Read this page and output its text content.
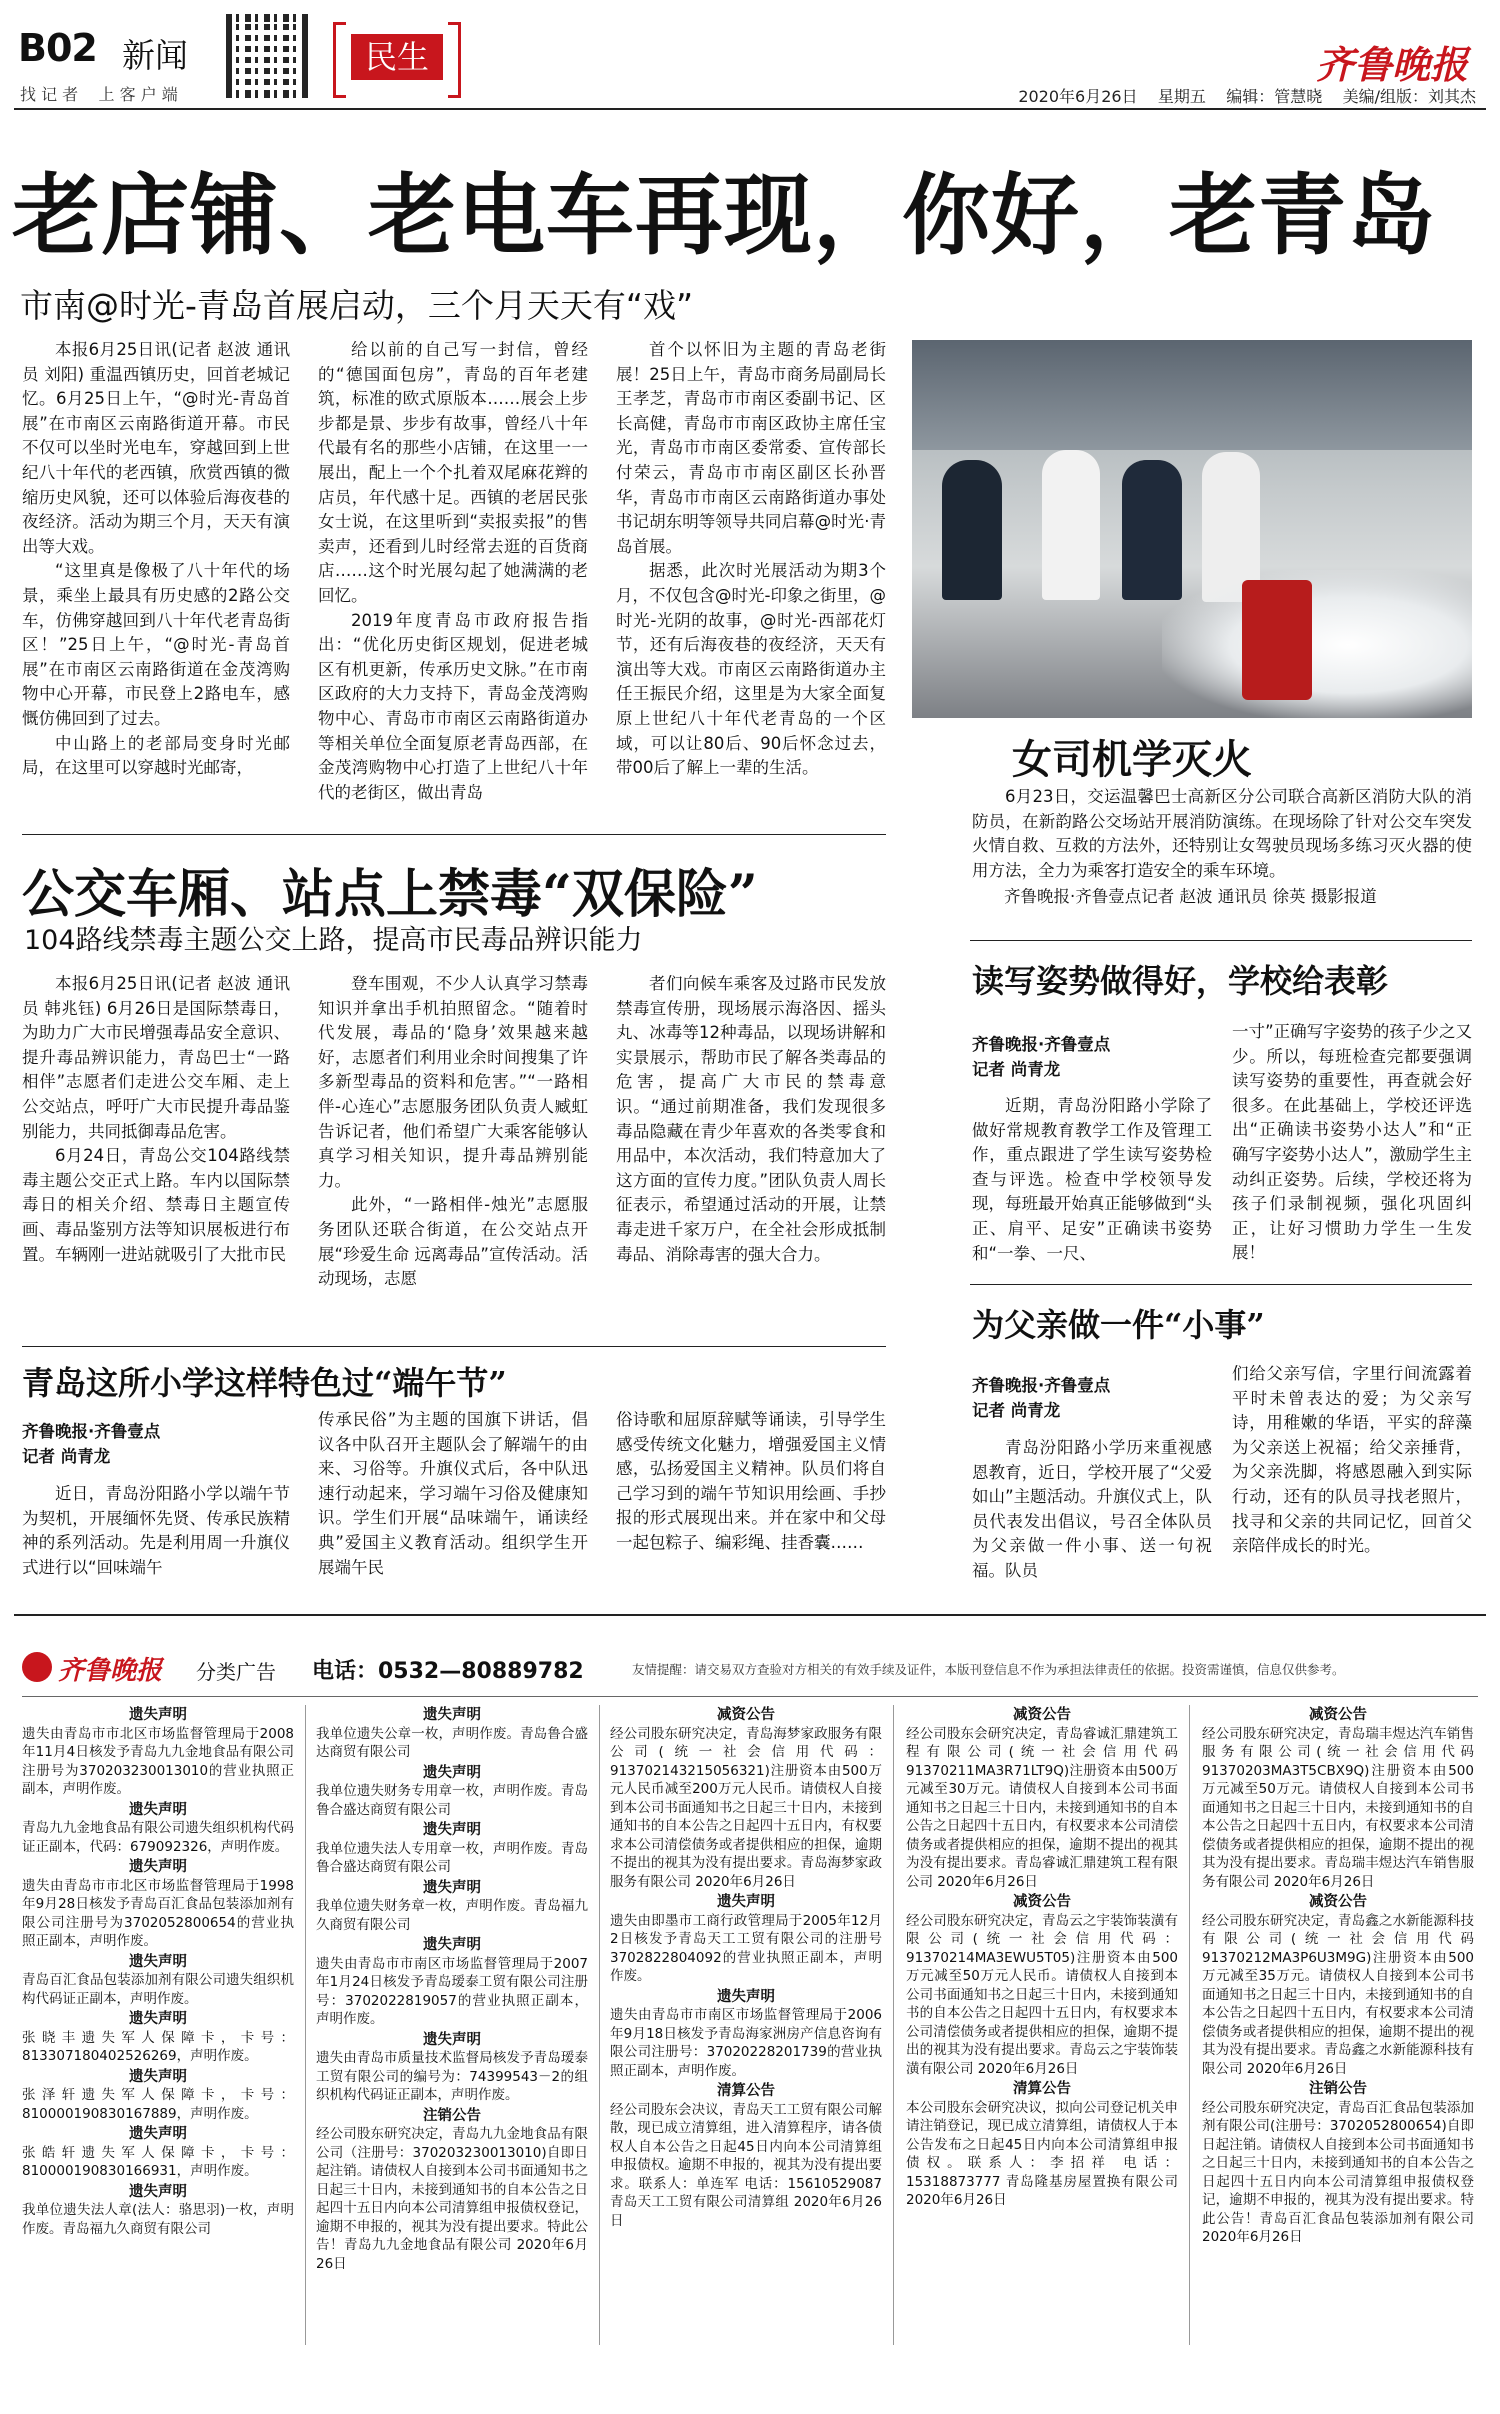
B02 新闻
找 记 者    上 客 户 端
民生	齐鲁晚报
2020年6月26日    星期五    编辑：管慧晓    美编/组版：刘其杰
老店铺、老电车再现，你好，老青岛
市南@时光-青岛首展启动，三个月天天有“戏”

本报6月25日讯(记者 赵波 通讯员 刘阳) 重温西镇历史，回首老城记忆。6月25日上午，“@时光-青岛首展”在市南区云南路街道开幕。市民不仅可以坐时光电车，穿越回到上世纪八十年代的老西镇，欣赏西镇的微缩历史风貌，还可以体验后海夜巷的夜经济。活动为期三个月，天天有演出等大戏。

“这里真是像极了八十年代的场景，乘坐上最具有历史感的2路公交车，仿佛穿越回到八十年代老青岛街区！”25日上午，“@时光-青岛首展”在市南区云南路街道在金茂湾购物中心开幕，市民登上2路电车，感慨仿佛回到了过去。

中山路上的老部局变身时光邮局，在这里可以穿越时光邮寄，

给以前的自己写一封信，曾经的“德国面包房”，青岛的百年老建筑，标准的欧式原版本……展会上步步都是景、步步有故事，曾经八十年代最有名的那些小店铺，在这里一一展出，配上一个个扎着双尾麻花辫的店员，年代感十足。西镇的老居民张女士说，在这里听到“卖报卖报”的售卖声，还看到儿时经常去逛的百货商店……这个时光展勾起了她满满的老回忆。

2019年度青岛市政府报告指出：“优化历史街区规划，促进老城区有机更新，传承历史文脉。”在市南区政府的大力支持下，青岛金茂湾购物中心、青岛市市南区云南路街道办等相关单位全面复原老青岛西部，在金茂湾购物中心打造了上世纪八十年代的老街区，做出青岛

首个以怀旧为主题的青岛老街展！25日上午，青岛市商务局副局长王孝芝，青岛市市南区委副书记、区长高健，青岛市市南区政协主席任宝光，青岛市市南区委常委、宣传部长付荣云，青岛市市南区副区长孙晋华，青岛市市南区云南路街道办事处书记胡东明等领导共同启幕@时光·青岛首展。

据悉，此次时光展活动为期3个月，不仅包含@时光-印象之街里，@时光-光阴的故事，@时光-西部花灯节，还有后海夜巷的夜经济，天天有演出等大戏。市南区云南路街道办主任王振民介绍，这里是为大家全面复原上世纪八十年代老青岛的一个区域，可以让80后、90后怀念过去，带00后了解上一辈的生活。	女司机学灭火
6月23日，交运温馨巴士高新区分公司联合高新区消防大队的消防员，在新韵路公交场站开展消防演练。在现场除了针对公交车突发火情自救、互救的方法外，还特别让女驾驶员现场多练习灭火器的使用方法，全力为乘客打造安全的乘车环境。
齐鲁晚报·齐鲁壹点记者 赵波 通讯员 徐英 摄影报道
公交车厢、站点上禁毒“双保险”
104路线禁毒主题公交上路，提高市民毒品辨识能力

本报6月25日讯(记者 赵波 通讯员 韩兆钰) 6月26日是国际禁毒日，为助力广大市民增强毒品安全意识、提升毒品辨识能力，青岛巴士“一路相伴”志愿者们走进公交车厢、走上公交站点，呼吁广大市民提升毒品鉴别能力，共同抵御毒品危害。

6月24日，青岛公交104路线禁毒主题公交正式上路。车内以国际禁毒日的相关介绍、禁毒日主题宣传画、毒品鉴别方法等知识展板进行布置。车辆刚一进站就吸引了大批市民

登车围观，不少人认真学习禁毒知识并拿出手机拍照留念。“随着时代发展，毒品的‘隐身’效果越来越好，志愿者们利用业余时间搜集了许多新型毒品的资料和危害。”“一路相伴-心连心”志愿服务团队负责人臧虹告诉记者，他们希望广大乘客能够认真学习相关知识，提升毒品辨别能力。

此外，“一路相伴-烛光”志愿服务团队还联合街道，在公交站点开展“珍爱生命 远离毒品”宣传活动。活动现场，志愿

者们向候车乘客及过路市民发放禁毒宣传册，现场展示海洛因、摇头丸、冰毒等12种毒品，以现场讲解和实景展示，帮助市民了解各类毒品的危害，提高广大市民的禁毒意识。“通过前期准备，我们发现很多毒品隐藏在青少年喜欢的各类零食和用品中，本次活动，我们特意加大了这方面的宣传力度。”团队负责人周长征表示，希望通过活动的开展，让禁毒走进千家万户，在全社会形成抵制毒品、消除毒害的强大合力。

读写姿势做得好，学校给表彰
齐鲁晚报·齐鲁壹点
记者 尚青龙

近期，青岛汾阳路小学除了做好常规教育教学工作及管理工作，重点跟进了学生读写姿势检查与评选。检查中学校领导发现，每班最开始真正能够做到“头正、肩平、足安”正确读书姿势和“一拳、一尺、

一寸”正确写字姿势的孩子少之又少。所以，每班检查完都要强调读写姿势的重要性，再查就会好很多。在此基础上，学校还评选出“正确读书姿势小达人”和“正确写字姿势小达人”，激励学生主动纠正姿势。后续，学校还将为孩子们录制视频，强化巩固纠正，让好习惯助力学生一生发展！

为父亲做一件“小事”
齐鲁晚报·齐鲁壹点
记者 尚青龙

青岛汾阳路小学历来重视感恩教育，近日，学校开展了“父爱如山”主题活动。升旗仪式上，队员代表发出倡议，号召全体队员为父亲做一件小事、送一句祝福。队员

们给父亲写信，字里行间流露着平时未曾表达的爱；为父亲写诗，用稚嫩的华语，平实的辞藻为父亲送上祝福；给父亲捶背，为父亲洗脚，将感恩融入到实际行动，还有的队员寻找老照片，找寻和父亲的共同记忆，回首父亲陪伴成长的时光。

青岛这所小学这样特色过“端午节”
齐鲁晚报·齐鲁壹点
记者 尚青龙

近日，青岛汾阳路小学以端午节为契机，开展缅怀先贤、传承民族精神的系列活动。先是利用周一升旗仪式进行以“回味端午

传承民俗”为主题的国旗下讲话，倡议各中队召开主题队会了解端午的由来、习俗等。升旗仪式后，各中队迅速行动起来，学习端午习俗及健康知识。学生们开展“品味端午，诵读经典”爱国主义教育活动。组织学生开展端午民

俗诗歌和屈原辞赋等诵读，引导学生感受传统文化魅力，增强爱国主义情感，弘扬爱国主义精神。队员们将自己学习到的端午节知识用绘画、手抄报的形式展现出来。并在家中和父母一起包粽子、编彩绳、挂香囊……

齐鲁晚报 分类广告 电话：0532—80889782	友情提醒：请交易双方查验对方相关的有效手续及证件，本版刊登信息不作为承担法律责任的依据。投资需谨慎，信息仅供参考。
遗失声明

遗失由青岛市市北区市场监督管理局于2008年11月4日核发予青岛九九金地食品有限公司注册号为370203230013010的营业执照正副本，声明作废。

遗失声明

青岛九九金地食品有限公司遗失组织机构代码证正副本，代码：679092326，声明作废。

遗失声明

遗失由青岛市市北区市场监督管理局于1998年9月28日核发予青岛百汇食品包装添加剂有限公司注册号为370205280065​4的营业执照正副本，声明作废。

遗失声明

青岛百汇食品包装添加剂有限公司遗失组织机构代码证正副本，声明作废。

遗失声明

张晓丰遗失军人保障卡，卡号：81330718040252​6269，声明作废。

遗失声明

张泽轩遗失军人保障卡，卡号：81000019083016​7889，声明作废。

遗失声明

张皓轩遗失军人保障卡，卡号：81000019083016​6931，声明作废。

遗失声明

我单位遗失法人章(法人：骆思羽)一枚，声明作废。青岛福九久商贸有限公司

遗失声明

我单位遗失公章一枚，声明作废。青岛鲁合盛达商贸有限公司

遗失声明

我单位遗失财务专用章一枚，声明作废。青岛鲁合盛达商贸有限公司

遗失声明

我单位遗失法人专用章一枚，声明作废。青岛鲁合盛达商贸有限公司

遗失声明

我单位遗失财务章一枚，声明作废。青岛福九久商贸有限公司

遗失声明

遗失由青岛市市南区市场监督管理局于2007年1月24日核发予青岛瑷泰工贸有限公司注册号：370202281​9057的营业执照正副本，声明作废。

遗失声明

遗失由青岛市质量技术监督局核发予青岛瑷泰工贸有限公司的编号为：74399543－2的组织机构代码证正副本，声明作废。

注销公告

经公司股东研究决定，青岛九九金地食品有限公司（注册号：370203230013010)自即日起注销。请债权人自接到本公司书面通知书之日起三十日内，未接到通知书的自本公告之日起四十五日内向本公司清算组申报债权登记，逾期不申报的，视其为没有提出要求。特此公告！青岛九九金地食品有限公司 2020年6月26日

减资公告

经公司股东研究决定，青岛海梦家政服务有限公司(统一社会信用代码：91370214321505632​1)注册资本由500万元人民币减至200万元人民币。请债权人自接到本公司书面通知书之日起三十日内，未接到通知书的自本公告之日起四十五日内，有权要求本公司清偿债务或者提供相应的担保，逾期不提出的视其为没有提出要求。青岛海梦家政服务有限公司 2020年6月26日

遗失声明

遗失由即墨市工商行政管理局于2005年12月2日核发予青岛天工工贸有限公司的注册号370282280409​2的营业执照正副本，声明作废。

遗失声明

遗失由青岛市市南区市场监督管理局于2006年9月18日核发予青岛海家洲房产信息咨询有限公司注册号：370202282​01739的营业执照正副本，声明作废。

清算公告

经公司股东会决议，青岛天工工贸有限公司解散，现已成立清算组，进入清算程序，请各债权人自本公告之日起45日内向本公司清算组申报债权。逾期不申报的，视其为没有提出要求。联系人：单连军 电话：15610529087 青岛天工工贸有限公司清算组 2020年6月26日

减资公告

经公司股东会研究决定，青岛睿诚汇鼎建筑工程有限公司(统一社会信用代码91370211MA3R71LT9Q)注册资本由500万元减至30万元。请债权人自接到本公司书面通知书之日起三十日内，未接到通知书的自本公告之日起四十五日内，有权要求本公司清偿债务或者提供相应的担保，逾期不提出的视其为没有提出要求。青岛睿诚汇鼎建筑工程有限公司 2020年6月26日

减资公告

经公司股东研究决定，青岛云之宇装饰装潢有限公司(统一社会信用代码：91370214MA3EWU5T05)注册资本由500万元减至50万元人民币。请债权人自接到本公司书面通知书之日起三十日内，未接到通知书的自本公告之日起四十五日内，有权要求本公司清偿债务或者提供相应的担保，逾期不提出的视其为没有提出要求。青岛云之宇装饰装潢有限公司 2020年6月26日

清算公告

本公司股东会研究决议，拟向公司登记机关申请注销登记，现已成立清算组，请债权人于本公告发布之日起45日内向本公司清算组申报债权。联系人：李招祥 电话：15318873777 青岛隆基房屋置换有限公司 2020年6月26日

减资公告

经公司股东研究决定，青岛瑞丰煜达汽车销售服务有限公司(统一社会信用代码91370203MA3T5CBX9Q)注册资本由500万元减至50万元。请债权人自接到本公司书面通知书之日起三十日内，未接到通知书的自本公告之日起四十五日内，有权要求本公司清偿债务或者提供相应的担保，逾期不提出的视其为没有提出要求。青岛瑞丰煜达汽车销售服务有限公司 2020年6月26日

减资公告

经公司股东研究决定，青岛鑫之水新能源科技有限公司(统一社会信用代码91370212MA3P6U3M9G)注册资本由500万元减至35万元。请债权人自接到本公司书面通知书之日起三十日内，未接到通知书的自本公告之日起四十五日内，有权要求本公司清偿债务或者提供相应的担保，逾期不提出的视其为没有提出要求。青岛鑫之水新能源科技有限公司 2020年6月26日

注销公告

经公司股东研究决定，青岛百汇食品包装添加剂有限公司(注册号：370205280065​4)自即日起注销。请债权人自接到本公司书面通知书之日起三十日内，未接到通知书的自本公告之日起四十五日内向本公司清算组申报债权登记，逾期不申报的，视其为没有提出要求。特此公告！青岛百汇食品包装添加剂有限公司 2020年6月26日
